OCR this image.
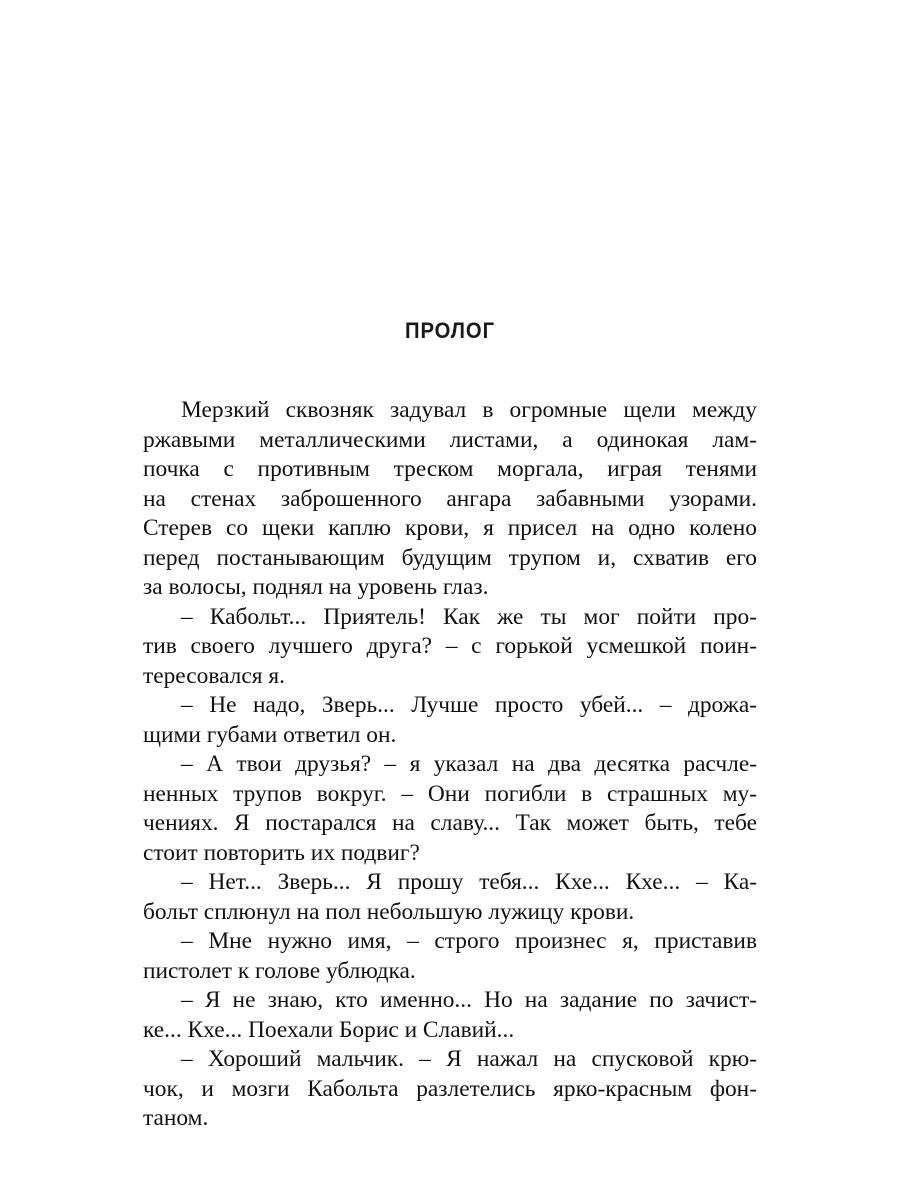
ПРОЛОГ
Мерзкий сквозняк задувал в огромные щели между
ржавыми металлическими листами, а одинокая лам-
почка с противным треском моргала, играя тенями
на стенах заброшенного ангара забавными узорами.
Стерев со щеки каплю крови, я присел на одно колено
перед постанывающим будущим трупом и, схватив его
за волосы, поднял на уровень глаз.
– Кабольт... Приятель! Как же ты мог пойти про-
тив своего лучшего друга? – с горькой усмешкой поин-
тересовался я.
– Не надо, Зверь... Лучше просто убей... – дрожа-
щими губами ответил он.
– А твои друзья? – я указал на два десятка расчле-
ненных трупов вокруг. – Они погибли в страшных му-
чениях. Я постарался на славу... Так может быть, тебе
стоит повторить их подвиг?
– Нет... Зверь... Я прошу тебя... Кхе... Кхе... – Ка-
больт сплюнул на пол небольшую лужицу крови.
– Мне нужно имя, – строго произнес я, приставив
пистолет к голове ублюдка.
– Я не знаю, кто именно... Но на задание по зачист-
ке... Кхе... Поехали Борис и Славий...
– Хороший мальчик. – Я нажал на спусковой крю-
чок, и мозги Кабольта разлетелись ярко-красным фон-
таном.
